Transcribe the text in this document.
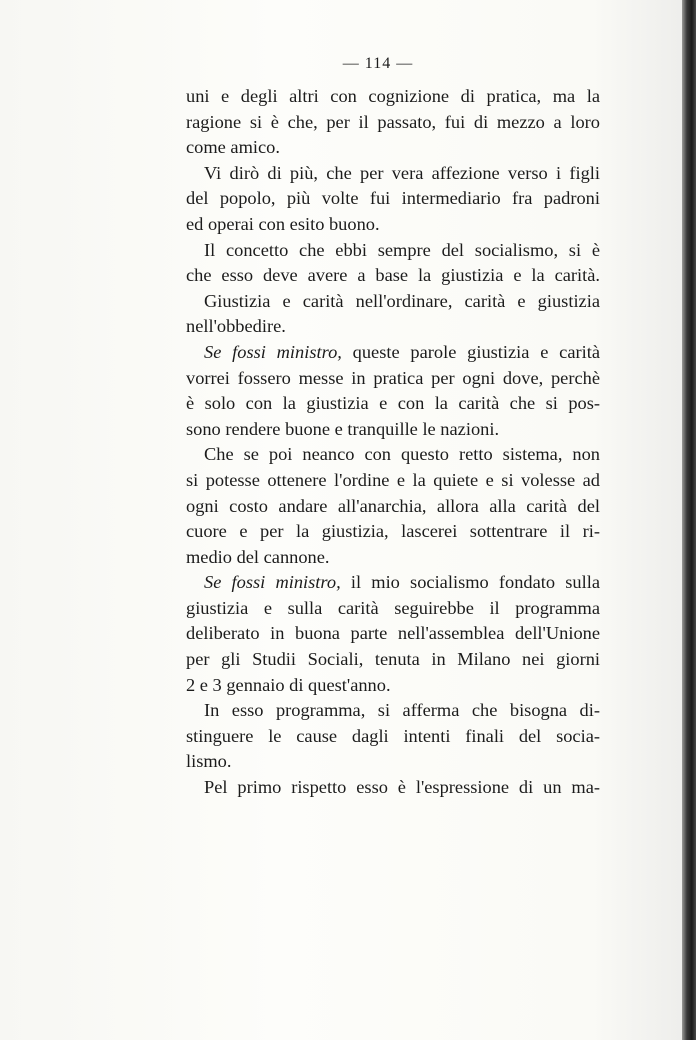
— 114 —
uni e degli altri con cognizione di pratica, ma la
ragione si è che, per il passato, fui di mezzo a loro
come amico.
Vi dirò di più, che per vera affezione verso i figli
del popolo, più volte fui intermediario fra padroni
ed operai con esito buono.
Il concetto che ebbi sempre del socialismo, si è
che esso deve avere a base la giustizia e la carità.
Giustizia e carità nell'ordinare, carità e giustizia
nell'obbedire.
Se fossi ministro, queste parole giustizia e carità
vorrei fossero messe in pratica per ogni dove, perchè
è solo con la giustizia e con la carità che si pos-
sono rendere buone e tranquille le nazioni.
Che se poi neanco con questo retto sistema, non
si potesse ottenere l'ordine e la quiete e si volesse ad
ogni costo andare all'anarchia, allora alla carità del
cuore e per la giustizia, lascerei sottentrare il ri-
medio del cannone.
Se fossi ministro, il mio socialismo fondato sulla
giustizia e sulla carità seguirebbe il programma
deliberato in buona parte nell'assemblea dell'Unione
per gli Studii Sociali, tenuta in Milano nei giorni
2 e 3 gennaio di quest'anno.
In esso programma, si afferma che bisogna di-
stinguere le cause dagli intenti finali del socia-
lismo.
Pel primo rispetto esso è l'espressione di un ma-
